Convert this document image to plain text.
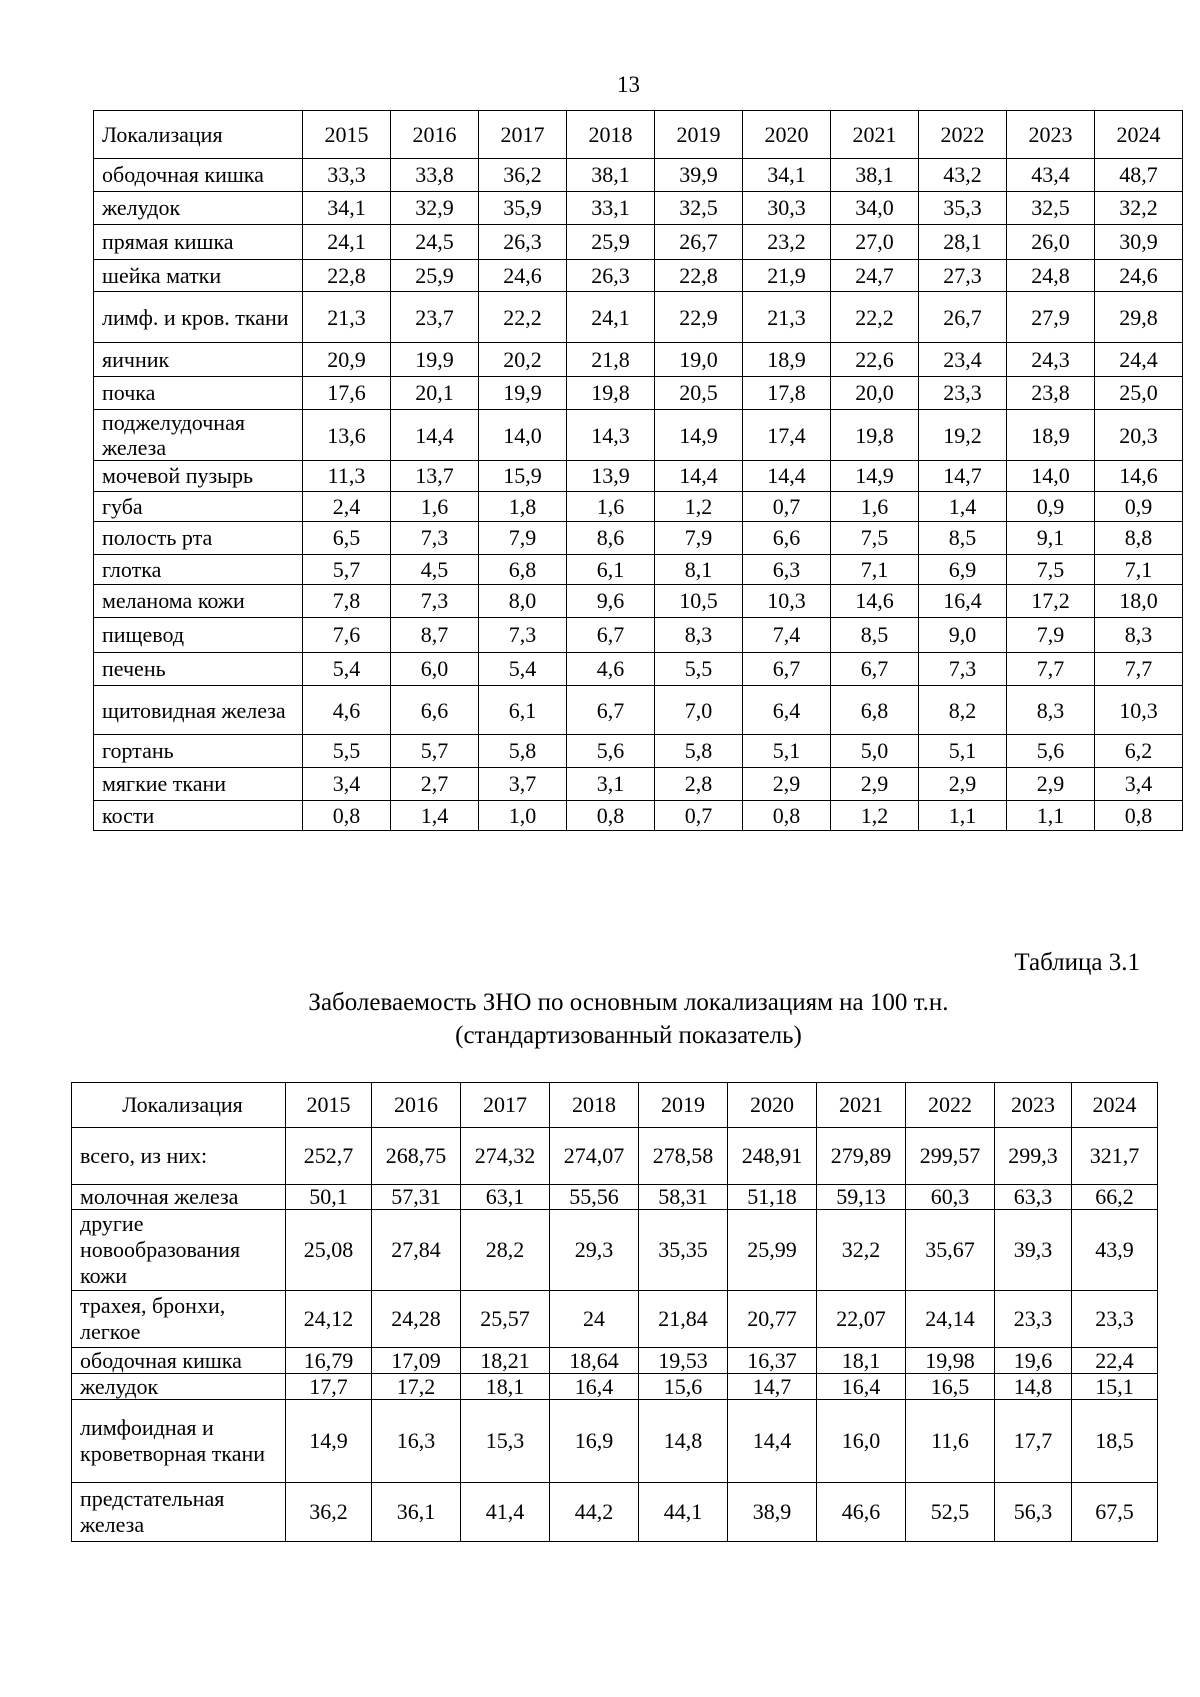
13
Локализация	2015	2016	2017	2018	2019	2020	2021	2022	2023	2024
ободочная кишка	33,3	33,8	36,2	38,1	39,9	34,1	38,1	43,2	43,4	48,7
желудок	34,1	32,9	35,9	33,1	32,5	30,3	34,0	35,3	32,5	32,2
прямая кишка	24,1	24,5	26,3	25,9	26,7	23,2	27,0	28,1	26,0	30,9
шейка матки	22,8	25,9	24,6	26,3	22,8	21,9	24,7	27,3	24,8	24,6
лимф. и кров. ткани	21,3	23,7	22,2	24,1	22,9	21,3	22,2	26,7	27,9	29,8
яичник	20,9	19,9	20,2	21,8	19,0	18,9	22,6	23,4	24,3	24,4
почка	17,6	20,1	19,9	19,8	20,5	17,8	20,0	23,3	23,8	25,0
поджелудочная железа	13,6	14,4	14,0	14,3	14,9	17,4	19,8	19,2	18,9	20,3
мочевой пузырь	11,3	13,7	15,9	13,9	14,4	14,4	14,9	14,7	14,0	14,6
губа	2,4	1,6	1,8	1,6	1,2	0,7	1,6	1,4	0,9	0,9
полость рта	6,5	7,3	7,9	8,6	7,9	6,6	7,5	8,5	9,1	8,8
глотка	5,7	4,5	6,8	6,1	8,1	6,3	7,1	6,9	7,5	7,1
меланома кожи	7,8	7,3	8,0	9,6	10,5	10,3	14,6	16,4	17,2	18,0
пищевод	7,6	8,7	7,3	6,7	8,3	7,4	8,5	9,0	7,9	8,3
печень	5,4	6,0	5,4	4,6	5,5	6,7	6,7	7,3	7,7	7,7
щитовидная железа	4,6	6,6	6,1	6,7	7,0	6,4	6,8	8,2	8,3	10,3
гортань	5,5	5,7	5,8	5,6	5,8	5,1	5,0	5,1	5,6	6,2
мягкие ткани	3,4	2,7	3,7	3,1	2,8	2,9	2,9	2,9	2,9	3,4
кости	0,8	1,4	1,0	0,8	0,7	0,8	1,2	1,1	1,1	0,8
Таблица 3.1
Заболеваемость ЗНО по основным локализациям на 100 т.н.
(стандартизованный показатель)
Локализация	2015	2016	2017	2018	2019	2020	2021	2022	2023	2024
всего, из них:	252,7	268,75	274,32	274,07	278,58	248,91	279,89	299,57	299,3	321,7
молочная железа	50,1	57,31	63,1	55,56	58,31	51,18	59,13	60,3	63,3	66,2
другие новообразования кожи	25,08	27,84	28,2	29,3	35,35	25,99	32,2	35,67	39,3	43,9
трахея, бронхи, легкое	24,12	24,28	25,57	24	21,84	20,77	22,07	24,14	23,3	23,3
ободочная кишка	16,79	17,09	18,21	18,64	19,53	16,37	18,1	19,98	19,6	22,4
желудок	17,7	17,2	18,1	16,4	15,6	14,7	16,4	16,5	14,8	15,1
лимфоидная и кроветворная ткани	14,9	16,3	15,3	16,9	14,8	14,4	16,0	11,6	17,7	18,5
предстательная железа	36,2	36,1	41,4	44,2	44,1	38,9	46,6	52,5	56,3	67,5
